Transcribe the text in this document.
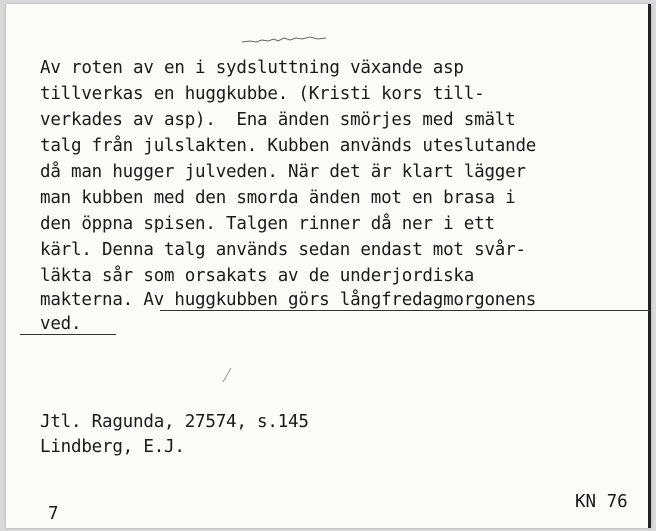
Av roten av en i sydsluttning växande asp
tillverkas en huggkubbe. (Kristi kors till-
verkades av asp).  Ena änden smörjes med smält
talg från julslakten. Kubben används uteslutande
då man hugger julveden. När det är klart lägger
man kubben med den smorda änden mot en brasa i
den öppna spisen. Talgen rinner då ner i ett
kärl. Denna talg används sedan endast mot svår-
läkta sår som orsakats av de underjordiska
makterna. Av huggkubben görs långfredagmorgonens
ved.
Jtl. Ragunda, 27574, s.145
Lindberg, E.J.
7
KN 76
